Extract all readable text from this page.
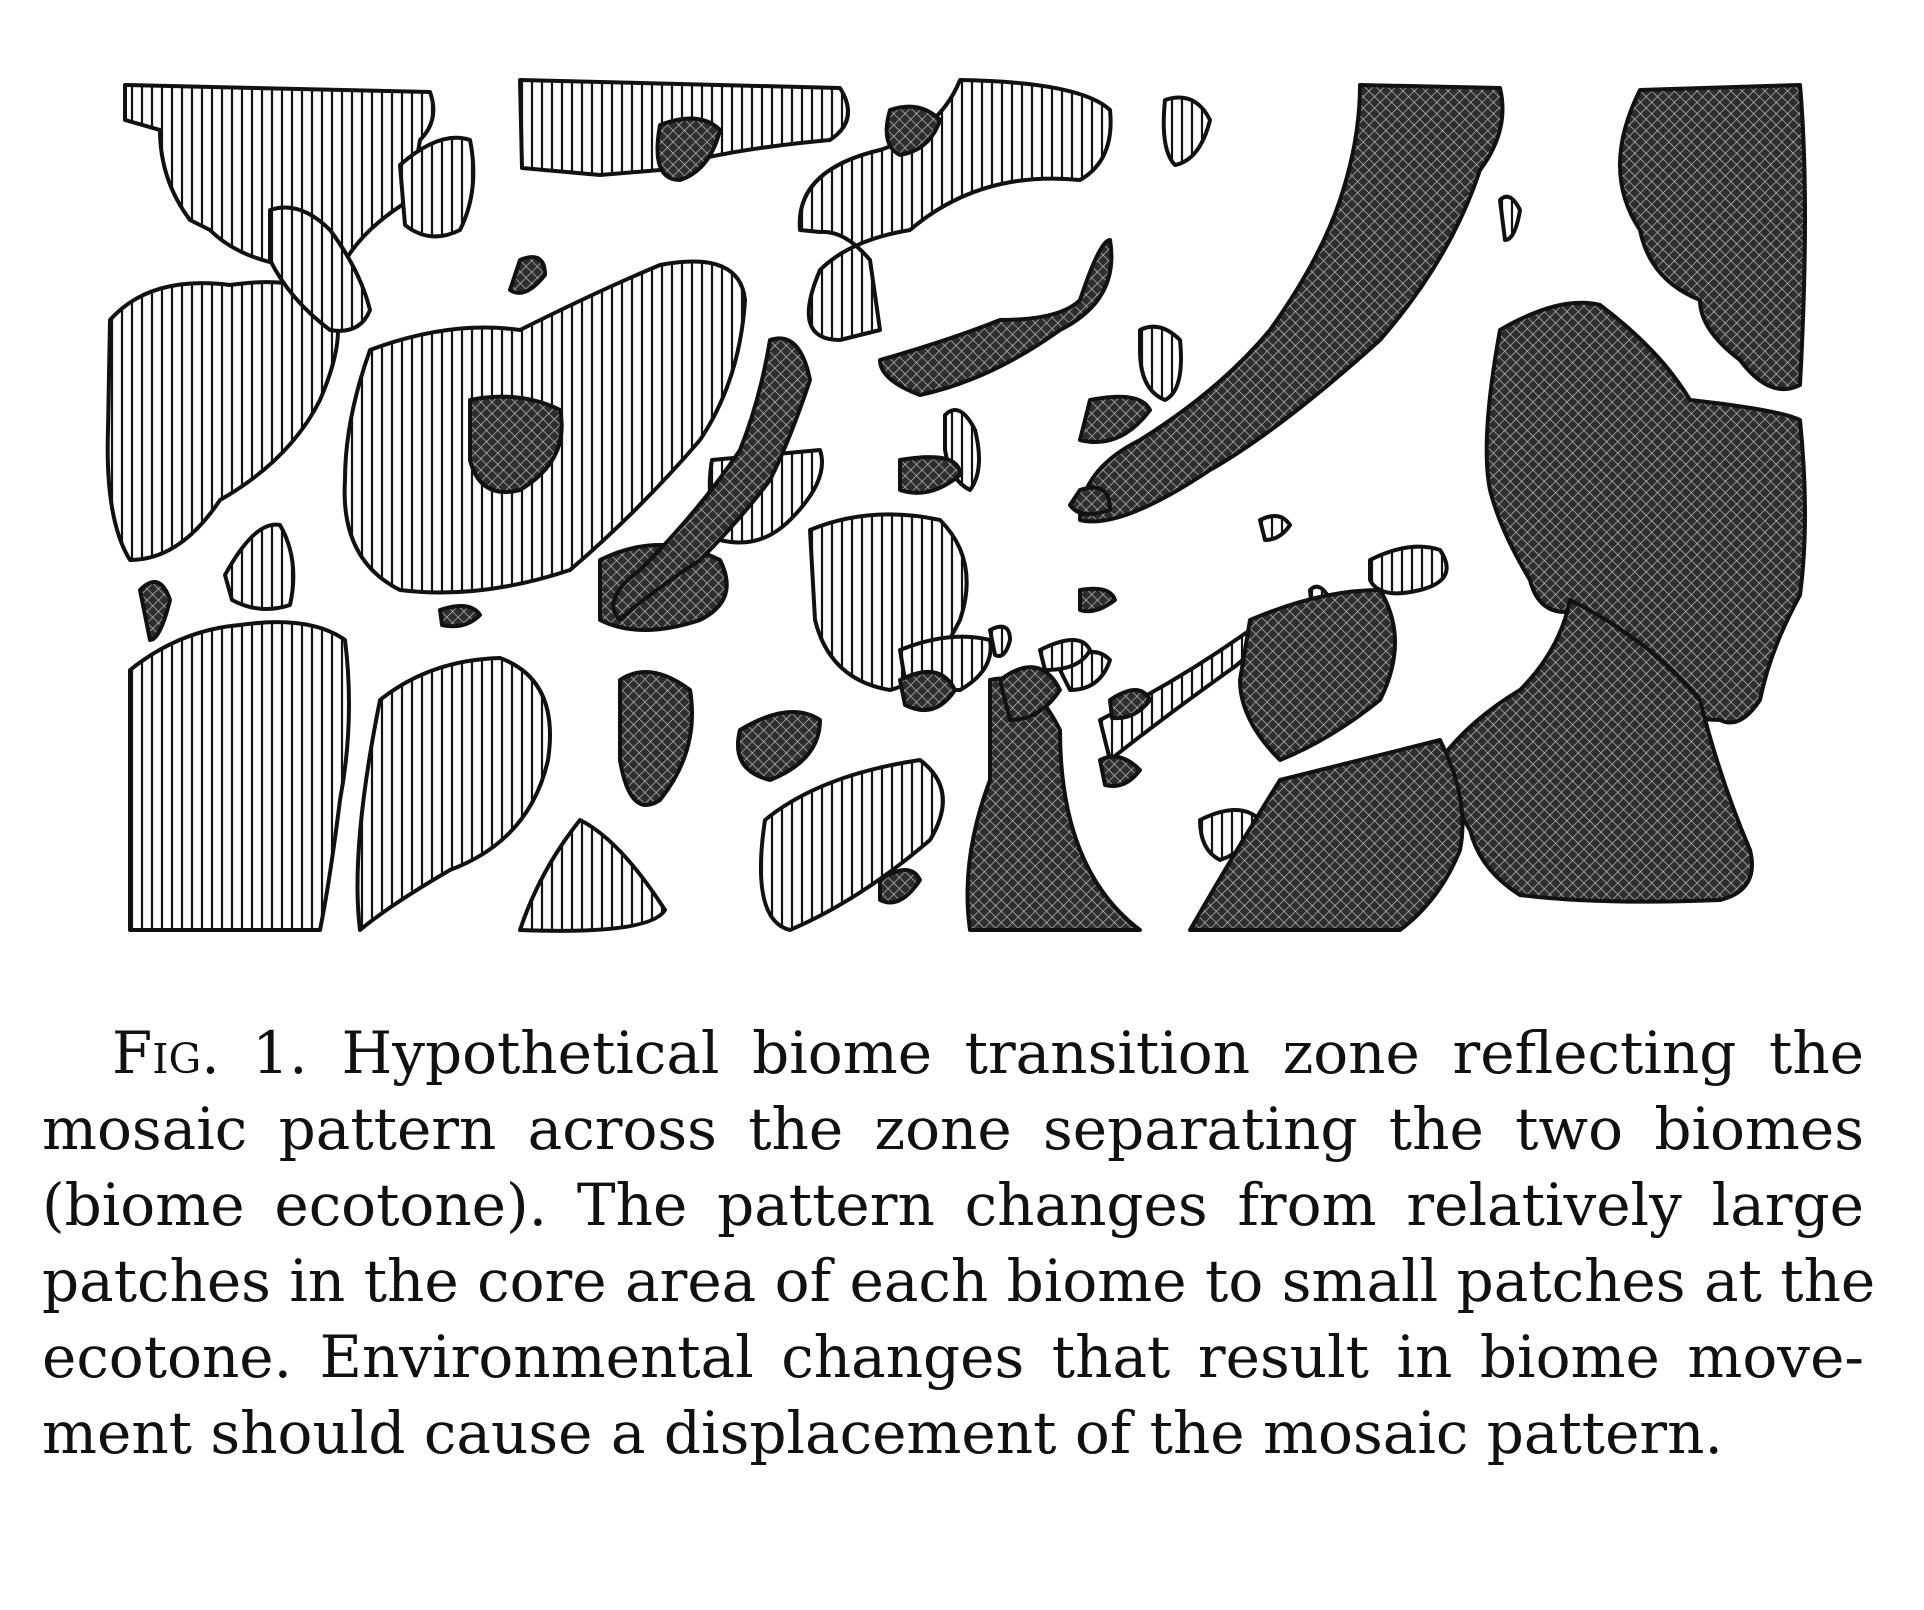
Fig. 1. Hypothetical biome transition zone reflecting the
mosaic pattern across the zone separating the two biomes
(biome ecotone). The pattern changes from relatively large
patches in the core area of each biome to small patches at the
ecotone. Environmental changes that result in biome move-
ment should cause a displacement of the mosaic pattern.
